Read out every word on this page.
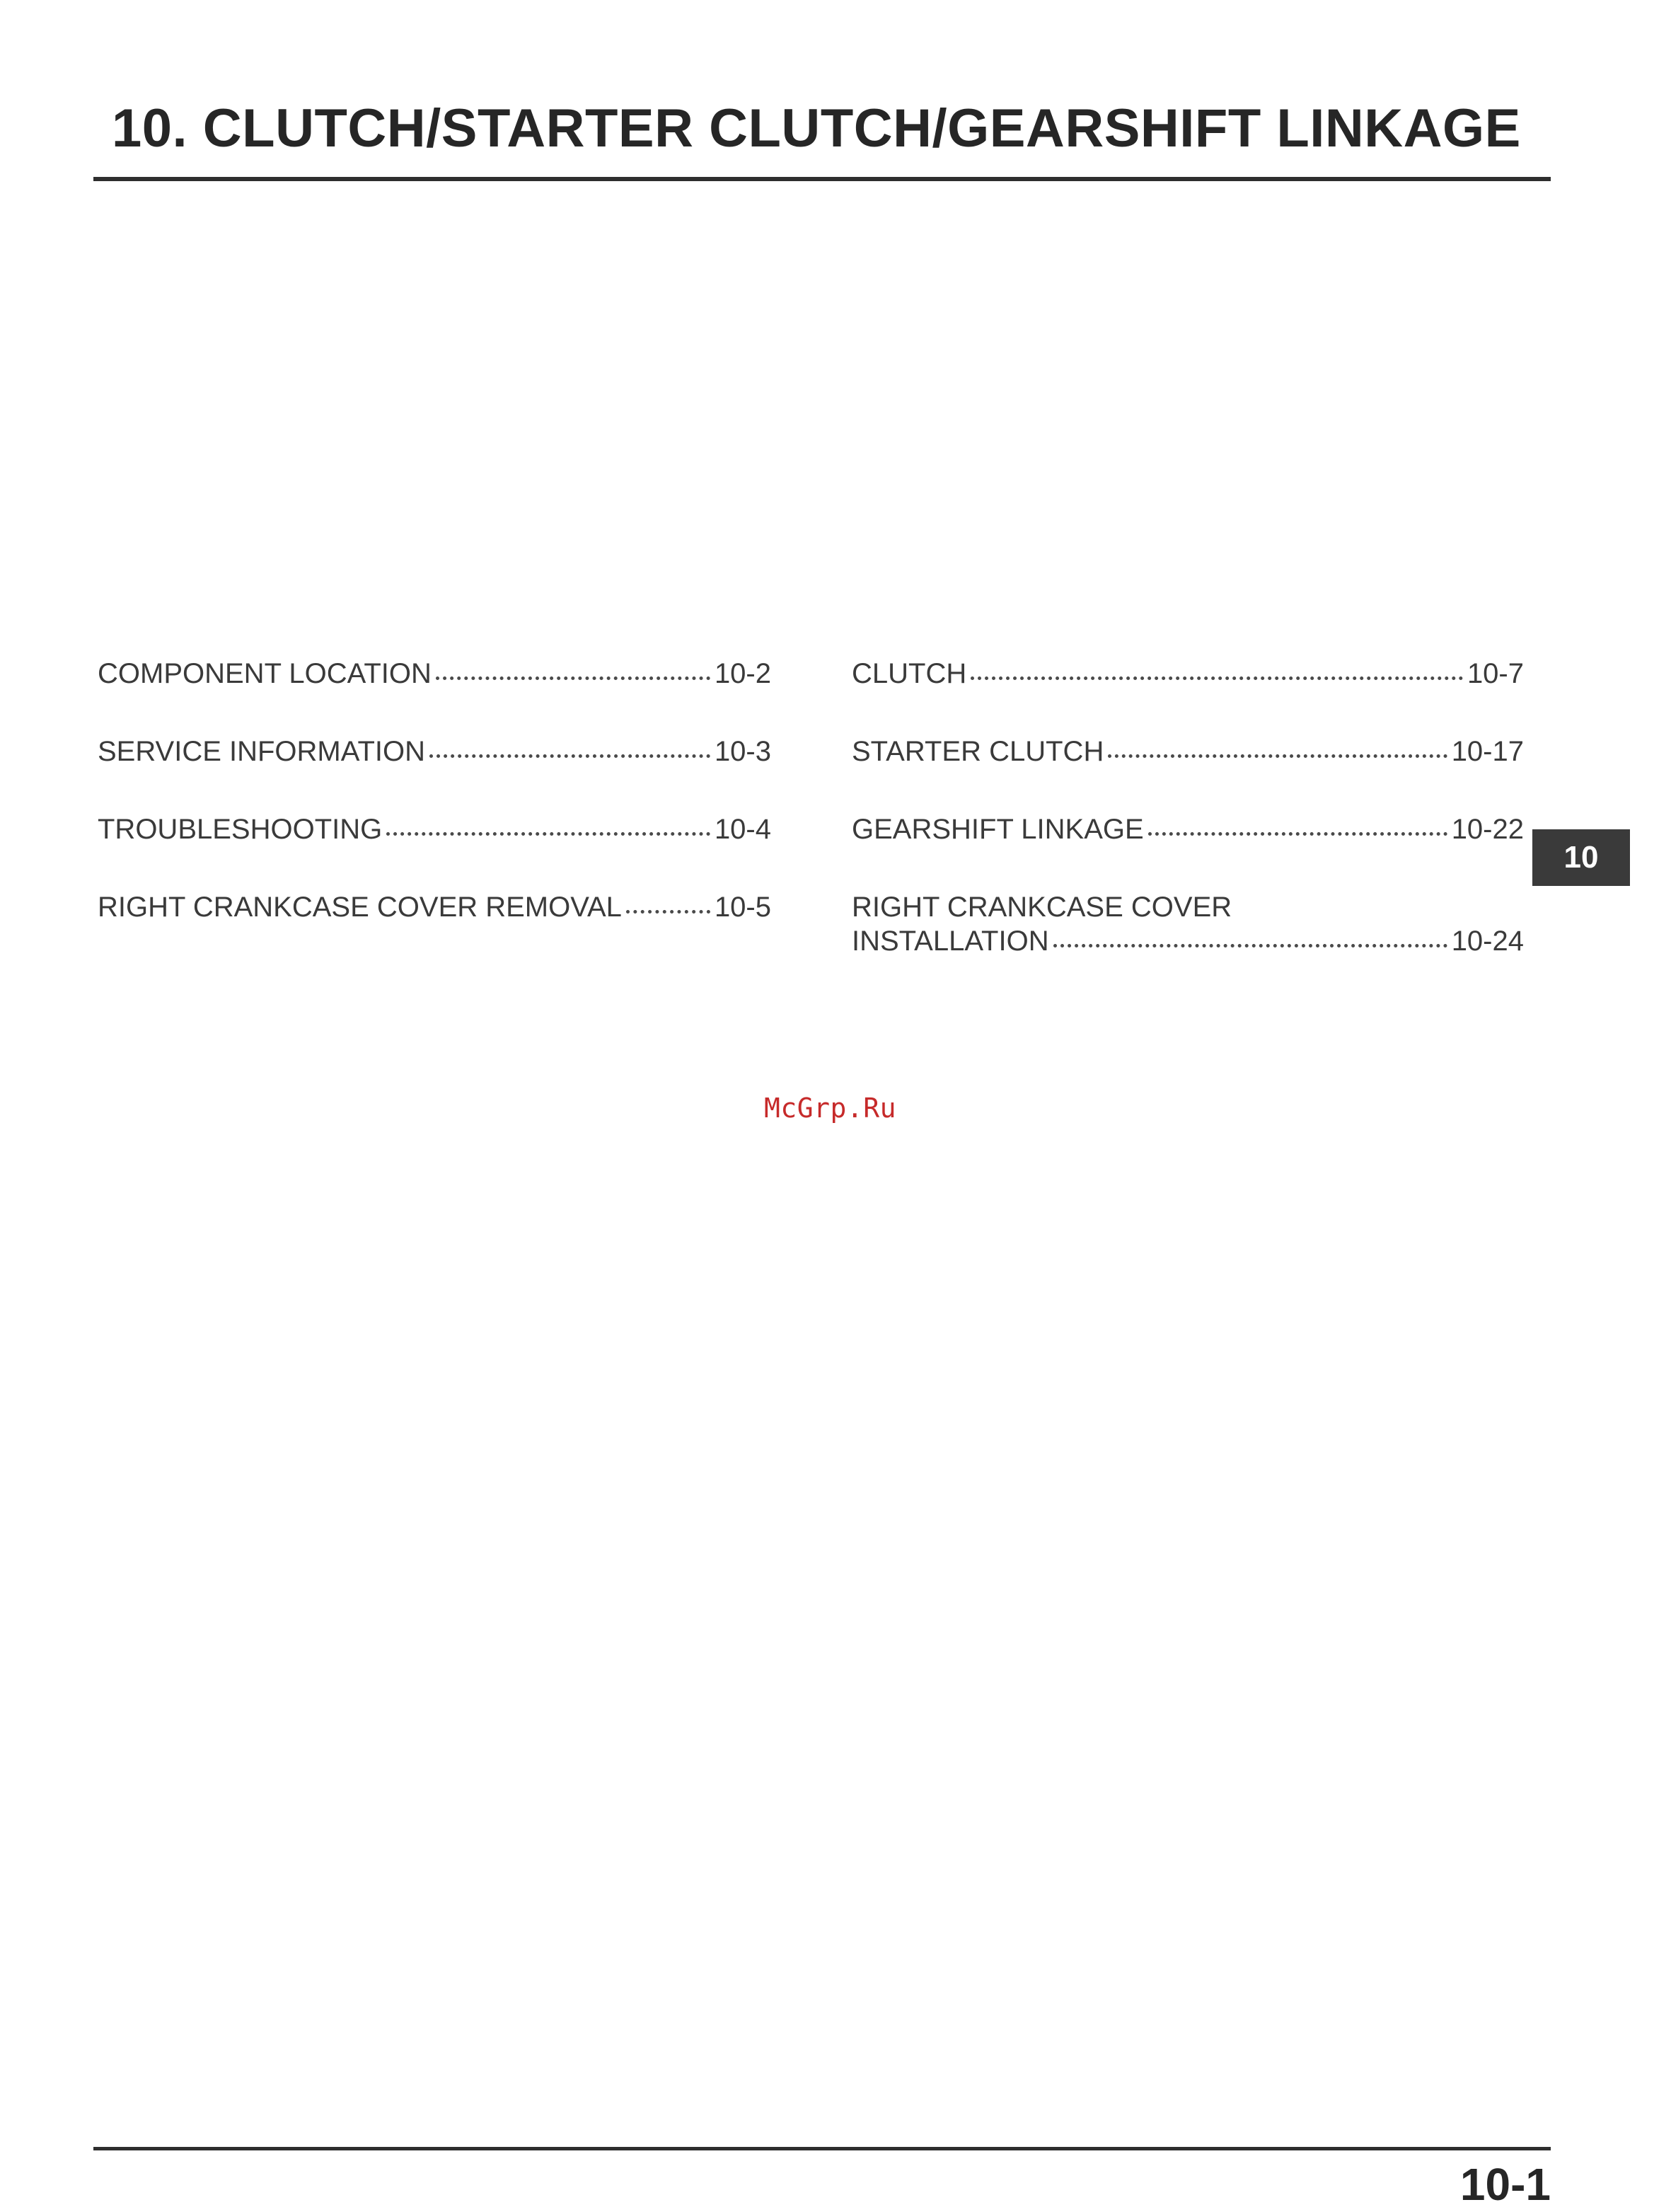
10. CLUTCH/STARTER CLUTCH/GEARSHIFT LINKAGE
COMPONENT LOCATION	10-2
SERVICE INFORMATION	10-3
TROUBLESHOOTING	10-4
RIGHT CRANKCASE COVER REMOVAL	10-5
CLUTCH	10-7
STARTER CLUTCH	10-17
GEARSHIFT LINKAGE	10-22
RIGHT CRANKCASE COVER
INSTALLATION	10-24
10
McGrp.Ru
10-1
